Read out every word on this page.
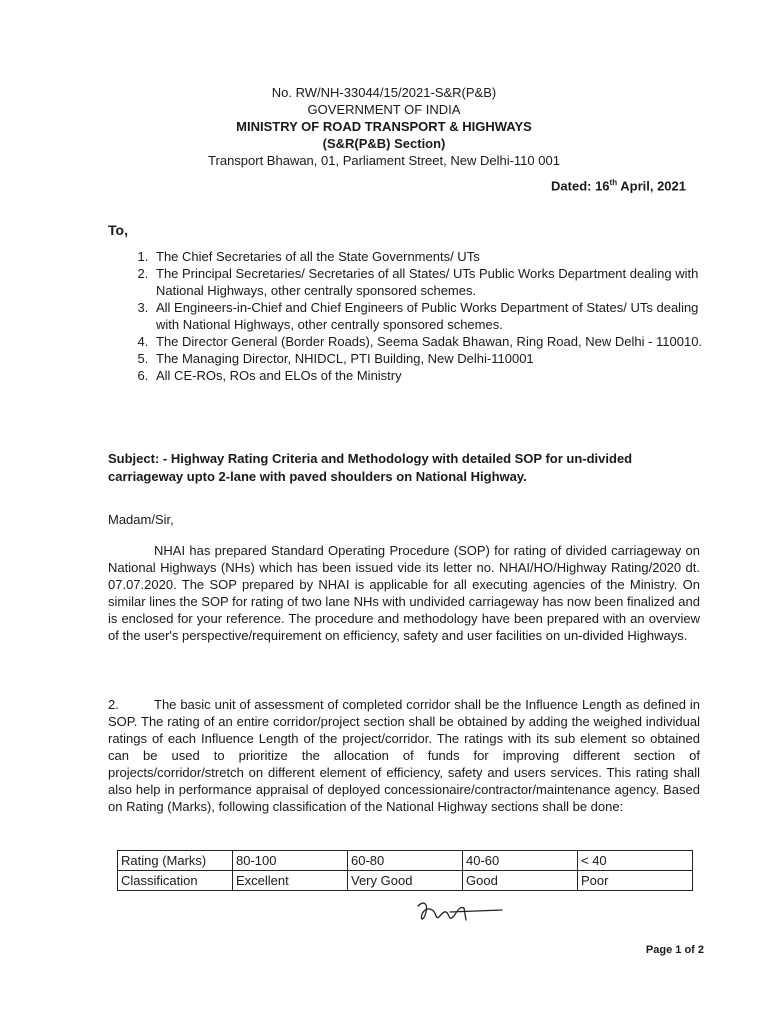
No. RW/NH-33044/15/2021-S&R(P&B)
GOVERNMENT OF INDIA
MINISTRY OF ROAD TRANSPORT & HIGHWAYS
(S&R(P&B) Section)
Transport Bhawan, 01, Parliament Street, New Delhi-110 001
Dated: 16th April, 2021
To,
1. The Chief Secretaries of all the State Governments/ UTs
2. The Principal Secretaries/ Secretaries of all States/ UTs Public Works Department dealing with National Highways, other centrally sponsored schemes.
3. All Engineers-in-Chief and Chief Engineers of Public Works Department of States/ UTs dealing with National Highways, other centrally sponsored schemes.
4. The Director General (Border Roads), Seema Sadak Bhawan, Ring Road, New Delhi - 110010.
5. The Managing Director, NHIDCL, PTI Building, New Delhi-110001
6. All CE-ROs, ROs and ELOs of the Ministry
Subject: - Highway Rating Criteria and Methodology with detailed SOP for un-divided carriageway upto 2-lane with paved shoulders on National Highway.
Madam/Sir,
NHAI has prepared Standard Operating Procedure (SOP) for rating of divided carriageway on National Highways (NHs) which has been issued vide its letter no. NHAI/HO/Highway Rating/2020 dt. 07.07.2020. The SOP prepared by NHAI is applicable for all executing agencies of the Ministry. On similar lines the SOP for rating of two lane NHs with undivided carriageway has now been finalized and is enclosed for your reference. The procedure and methodology have been prepared with an overview of the user's perspective/requirement on efficiency, safety and user facilities on un-divided Highways.
2.	The basic unit of assessment of completed corridor shall be the Influence Length as defined in SOP. The rating of an entire corridor/project section shall be obtained by adding the weighed individual ratings of each Influence Length of the project/corridor. The ratings with its sub element so obtained can be used to prioritize the allocation of funds for improving different section of projects/corridor/stretch on different element of efficiency, safety and users services. This rating shall also help in performance appraisal of deployed concessionaire/contractor/maintenance agency. Based on Rating (Marks), following classification of the National Highway sections shall be done:
Rating (Marks)	80-100	60-80	40-60	< 40
Classification	Excellent	Very Good	Good	Poor
Page 1 of 2
